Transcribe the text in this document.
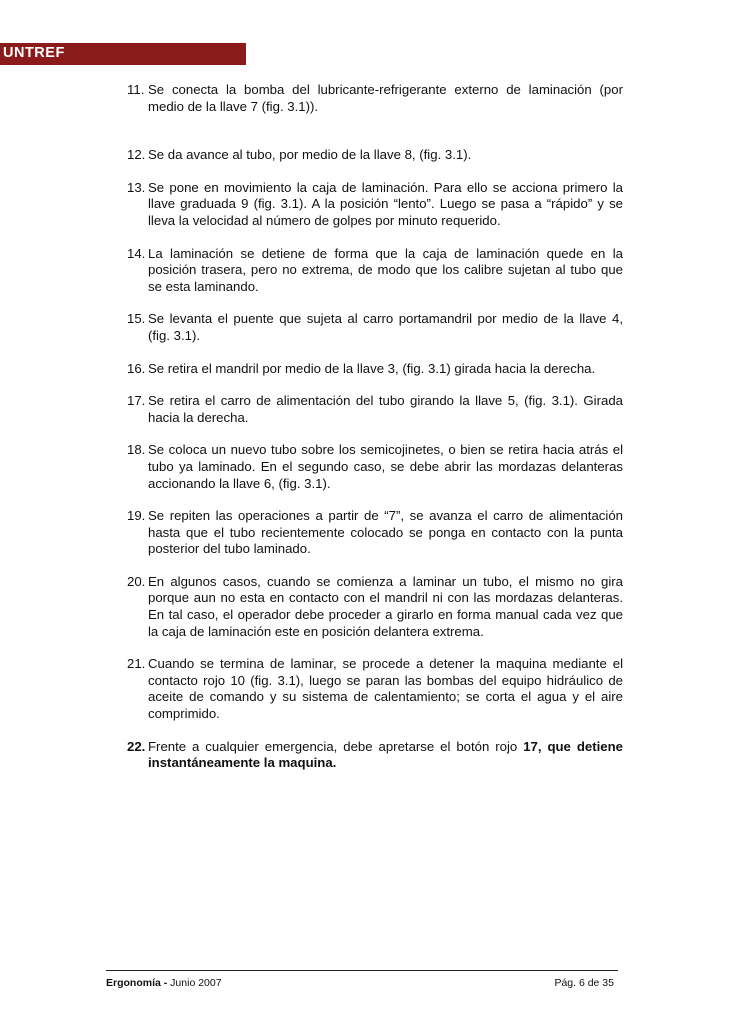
UNTREF
11. Se conecta la bomba del lubricante-refrigerante externo de laminación (por medio de la llave 7 (fig. 3.1)).
12. Se da avance al tubo, por medio de la llave 8, (fig. 3.1).
13. Se pone en movimiento la caja de laminación. Para ello se acciona primero la llave graduada 9 (fig. 3.1). A la posición “lento”. Luego se pasa a “rápido” y se lleva la velocidad al número de golpes por minuto requerido.
14. La laminación se detiene de forma que la caja de laminación quede en la posición trasera, pero no extrema, de modo que los calibre sujetan al tubo que se esta laminando.
15. Se levanta el puente que sujeta al carro portamandril por medio de la llave 4, (fig. 3.1).
16. Se retira el mandril por medio de la llave 3, (fig. 3.1) girada hacia la derecha.
17. Se retira el carro de alimentación del tubo girando la llave 5, (fig. 3.1). Girada hacia la derecha.
18. Se coloca un nuevo tubo sobre los semicojinetes, o bien se retira hacia atrás el tubo ya laminado. En el segundo caso, se debe abrir las mordazas delanteras accionando la llave 6, (fig. 3.1).
19. Se repiten las operaciones a partir de “7”, se avanza el carro de alimentación hasta que el tubo recientemente colocado se ponga en contacto con la punta posterior del tubo laminado.
20. En algunos casos, cuando se comienza a laminar un tubo, el mismo no gira porque aun no esta en contacto con el mandril ni con las mordazas delanteras. En tal caso, el operador debe proceder a girarlo en forma manual cada vez que la caja de laminación este en posición delantera extrema.
21. Cuando se termina de laminar, se procede a detener la maquina mediante el contacto rojo 10 (fig. 3.1), luego se paran las bombas del equipo hidráulico de aceite de comando y su sistema de calentamiento; se corta el agua y el aire comprimido.
22. Frente a cualquier emergencia, debe apretarse el botón rojo 17, que detiene instantáneamente la maquina.
Ergonomía - Junio 2007	Pág. 6 de 35
